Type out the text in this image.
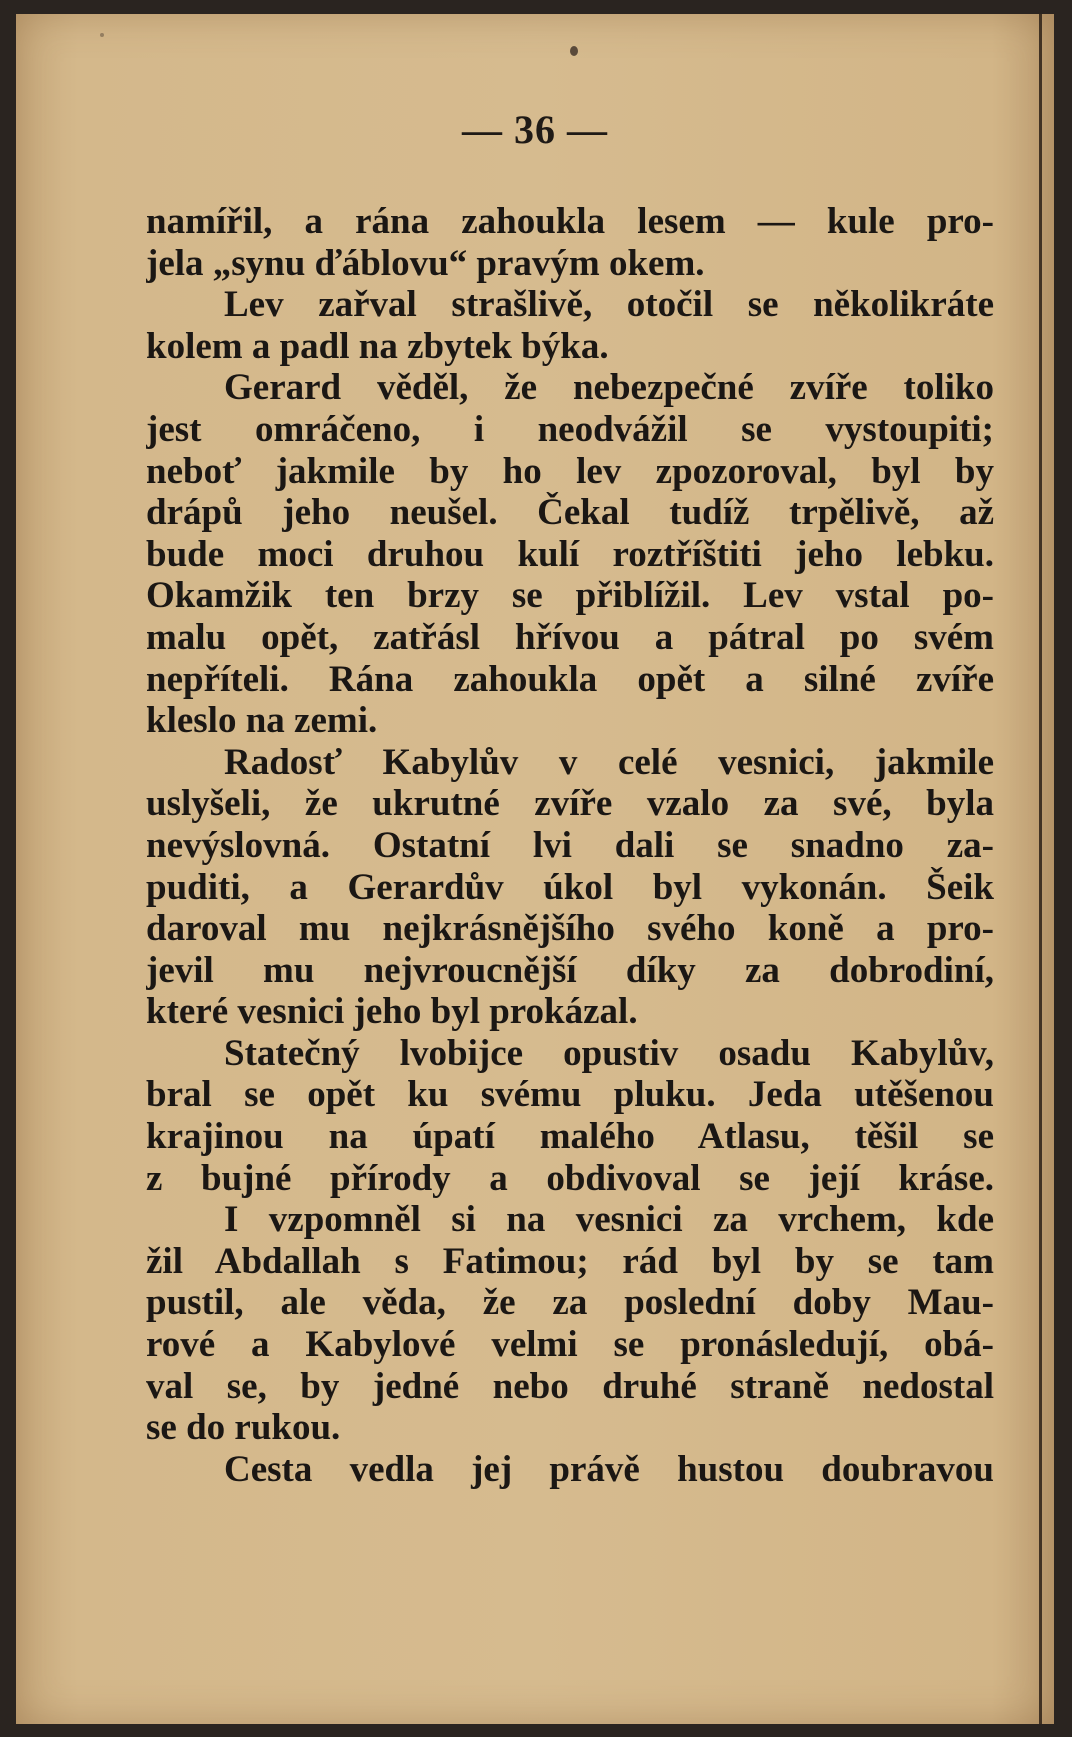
— 36 —
namířil, a rána zahoukla lesem — kule pro-
jela „synu ďáblovu“ pravým okem.
Lev zařval strašlivě, otočil se několikráte
kolem a padl na zbytek býka.
Gerard věděl, že nebezpečné zvíře toliko
jest omráčeno, i neodvážil se vystoupiti;
neboť jakmile by ho lev zpozoroval, byl by
drápů jeho neušel. Čekal tudíž trpělivě, až
bude moci druhou kulí roztříštiti jeho lebku.
Okamžik ten brzy se přiblížil. Lev vstal po-
malu opět, zatřásl hřívou a pátral po svém
nepříteli. Rána zahoukla opět a silné zvíře
kleslo na zemi.
Radosť Kabylův v celé vesnici, jakmile
uslyšeli, že ukrutné zvíře vzalo za své, byla
nevýslovná. Ostatní lvi dali se snadno za-
puditi, a Gerardův úkol byl vykonán. Šeik
daroval mu nejkrásnějšího svého koně a pro-
jevil mu nejvroucnější díky za dobrodiní,
které vesnici jeho byl prokázal.
Statečný lvobijce opustiv osadu Kabylův,
bral se opět ku svému pluku. Jeda utěšenou
krajinou na úpatí malého Atlasu, těšil se
z bujné přírody a obdivoval se její kráse.
I vzpomněl si na vesnici za vrchem, kde
žil Abdallah s Fatimou; rád byl by se tam
pustil, ale věda, že za poslední doby Mau-
rové a Kabylové velmi se pronásledují, obá-
val se, by jedné nebo druhé straně nedostal
se do rukou.
Cesta vedla jej právě hustou doubravou
